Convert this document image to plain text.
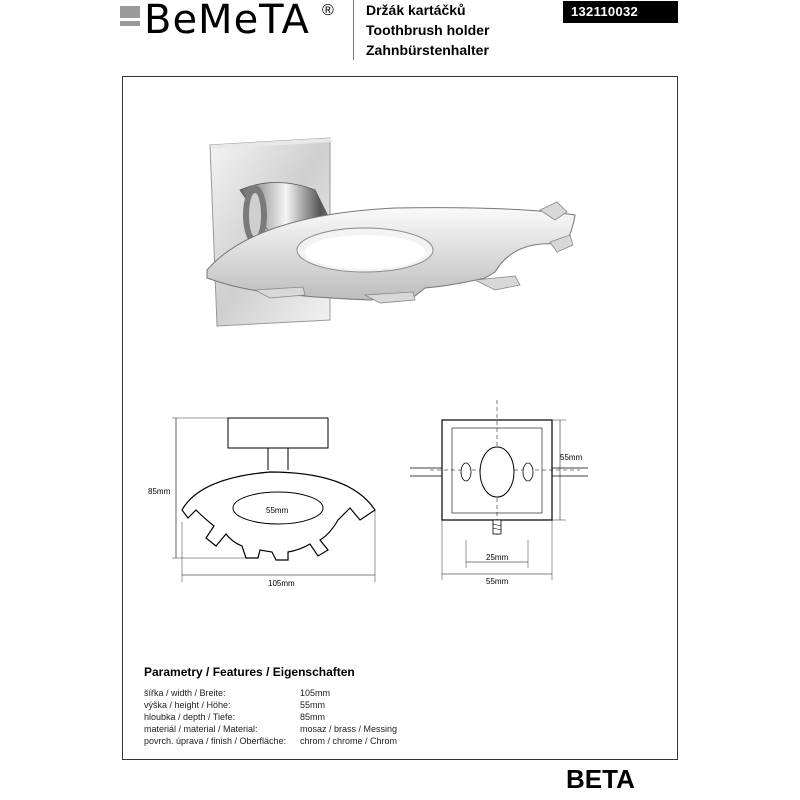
BeMeTA ® Držák kartáčků
Toothbrush holder
Zahnbürstenhalter
132110032
55mm
85mm
105mm
55mm
25mm
55mm
Parametry / Features / Eigenschaften
šířka / width / Breite:	105mm
výška / height / Höhe:	55mm
hloubka / depth / Tiefe:	85mm
materiál / material / Material:	mosaz / brass / Messing
povrch. úprava / finish / Oberfläche: chrom / chrome / Chrom
BETA
